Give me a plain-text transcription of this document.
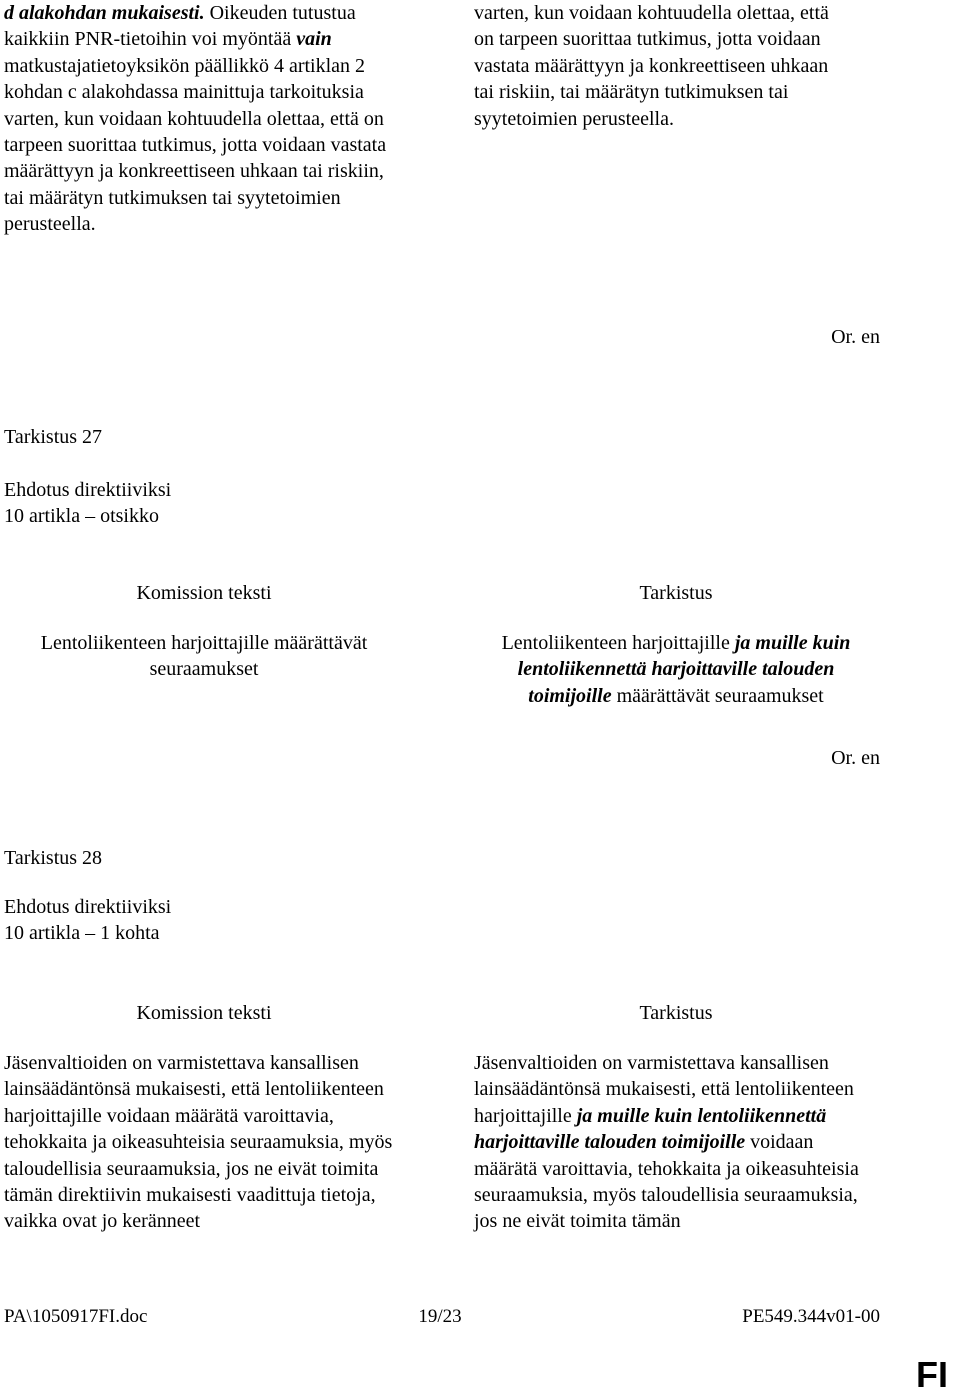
d alakohdan mukaisesti. Oikeuden tutustua kaikkiin PNR-tietoihin voi myöntää vain matkustajatietoyksikön päällikkö 4 artiklan 2 kohdan c alakohdassa mainittuja tarkoituksia varten, kun voidaan kohtuudella olettaa, että on tarpeen suorittaa tutkimus, jotta voidaan vastata määrättyyn ja konkreettiseen uhkaan tai riskiin, tai määrätyn tutkimuksen tai syytetoimien perusteella.

varten, kun voidaan kohtuudella olettaa, että on tarpeen suorittaa tutkimus, jotta voidaan vastata määrättyyn ja konkreettiseen uhkaan tai riskiin, tai määrätyn tutkimuksen tai syytetoimien perusteella.

Or. en
Tarkistus 27
Ehdotus direktiiviksi
10 artikla – otsikko
Komission teksti	Tarkistus

Lentoliikenteen harjoittajille määrättävät seuraamukset

Lentoliikenteen harjoittajille ja muille kuin lentoliikennettä harjoittaville talouden toimijoille määrättävät seuraamukset

Or. en
Tarkistus 28
Ehdotus direktiiviksi
10 artikla – 1 kohta
Komission teksti	Tarkistus

Jäsenvaltioiden on varmistettava kansallisen lainsäädäntönsä mukaisesti, että lentoliikenteen harjoittajille voidaan määrätä varoittavia, tehokkaita ja oikeasuhteisia seuraamuksia, myös taloudellisia seuraamuksia, jos ne eivät toimita tämän direktiivin mukaisesti vaadittuja tietoja, vaikka ovat jo keränneet

Jäsenvaltioiden on varmistettava kansallisen lainsäädäntönsä mukaisesti, että lentoliikenteen harjoittajille ja muille kuin lentoliikennettä harjoittaville talouden toimijoille voidaan määrätä varoittavia, tehokkaita ja oikeasuhteisia seuraamuksia, myös taloudellisia seuraamuksia, jos ne eivät toimita tämän

PA\1050917FI.doc	19/23	PE549.344v01-00
FI
